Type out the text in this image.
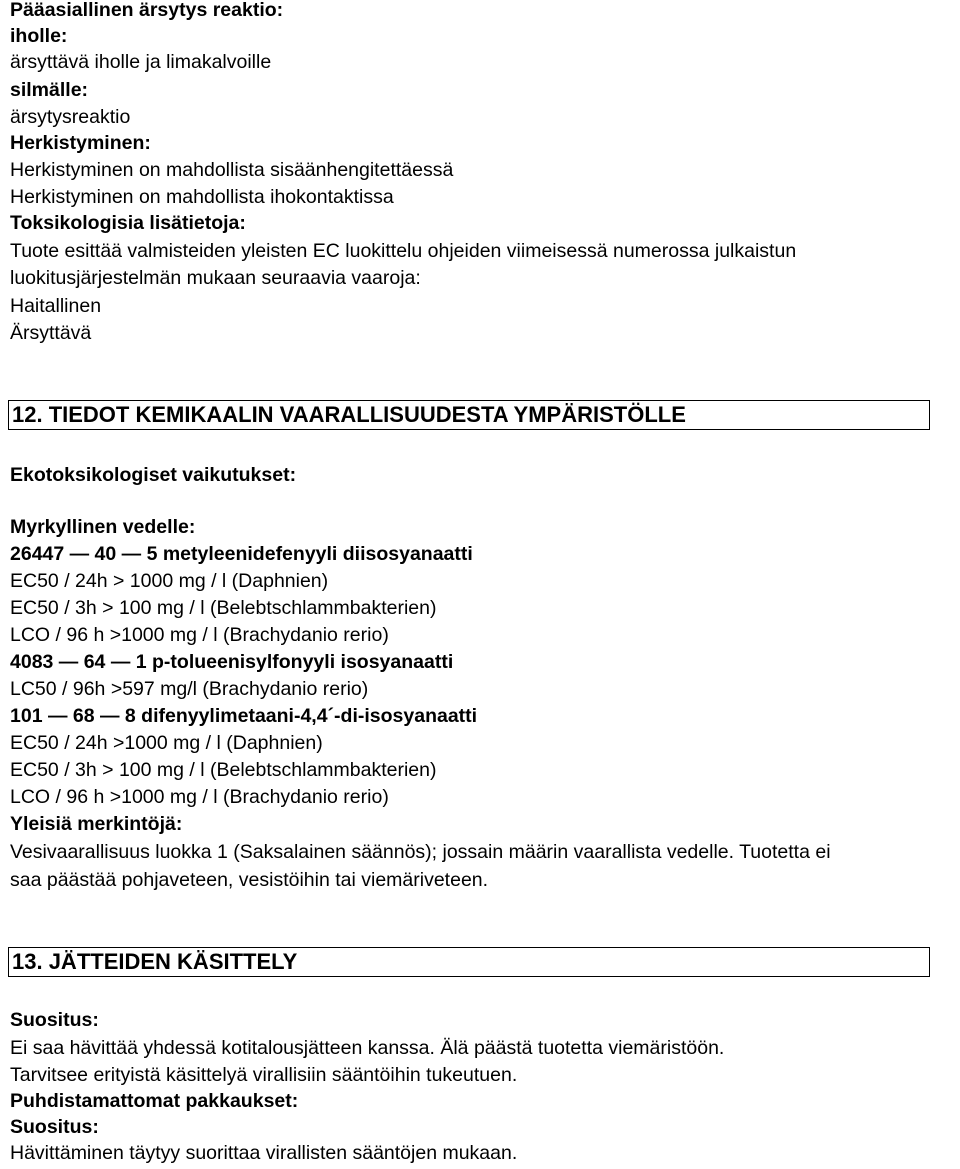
Pääasiallinen ärsytys reaktio:
iholle:
ärsyttävä iholle ja limakalvoille
silmälle:
ärsytysreaktio
Herkistyminen:
Herkistyminen on mahdollista sisäänhengitettäessä
Herkistyminen on mahdollista ihokontaktissa
Toksikologisia lisätietoja:
Tuote esittää valmisteiden yleisten EC luokittelu ohjeiden viimeisessä numerossa julkaistun
luokitusjärjestelmän mukaan seuraavia vaaroja:
Haitallinen
Ärsyttävä
12. TIEDOT KEMIKAALIN VAARALLISUUDESTA YMPÄRISTÖLLE
Ekotoksikologiset vaikutukset:
Myrkyllinen vedelle:
26447 — 40 — 5 metyleenidefenyyli diisosyanaatti
EC50 / 24h > 1000 mg / l (Daphnien)
EC50 / 3h > 100 mg / l (Belebtschlammbakterien)
LCO / 96 h >1000 mg / l (Brachydanio rerio)
4083 — 64 — 1 p-tolueenisylfonyyli isosyanaatti
LC50 / 96h >597 mg/l (Brachydanio rerio)
101 — 68 — 8 difenyylimetaani-4,4´-di-isosyanaatti
EC50 / 24h >1000 mg / l (Daphnien)
EC50 / 3h > 100 mg / l (Belebtschlammbakterien)
LCO / 96 h >1000 mg / l (Brachydanio rerio)
Yleisiä merkintöjä:
Vesivaarallisuus luokka 1 (Saksalainen säännös); jossain määrin vaarallista vedelle. Tuotetta ei
saa päästää pohjaveteen, vesistöihin tai viemäriveteen.
13. JÄTTEIDEN KÄSITTELY
Suositus:
Ei saa hävittää yhdessä kotitalousjätteen kanssa. Älä päästä tuotetta viemäristöön.
Tarvitsee erityistä käsittelyä virallisiin sääntöihin tukeutuen.
Puhdistamattomat pakkaukset:
Suositus:
Hävittäminen täytyy suorittaa virallisten sääntöjen mukaan.
